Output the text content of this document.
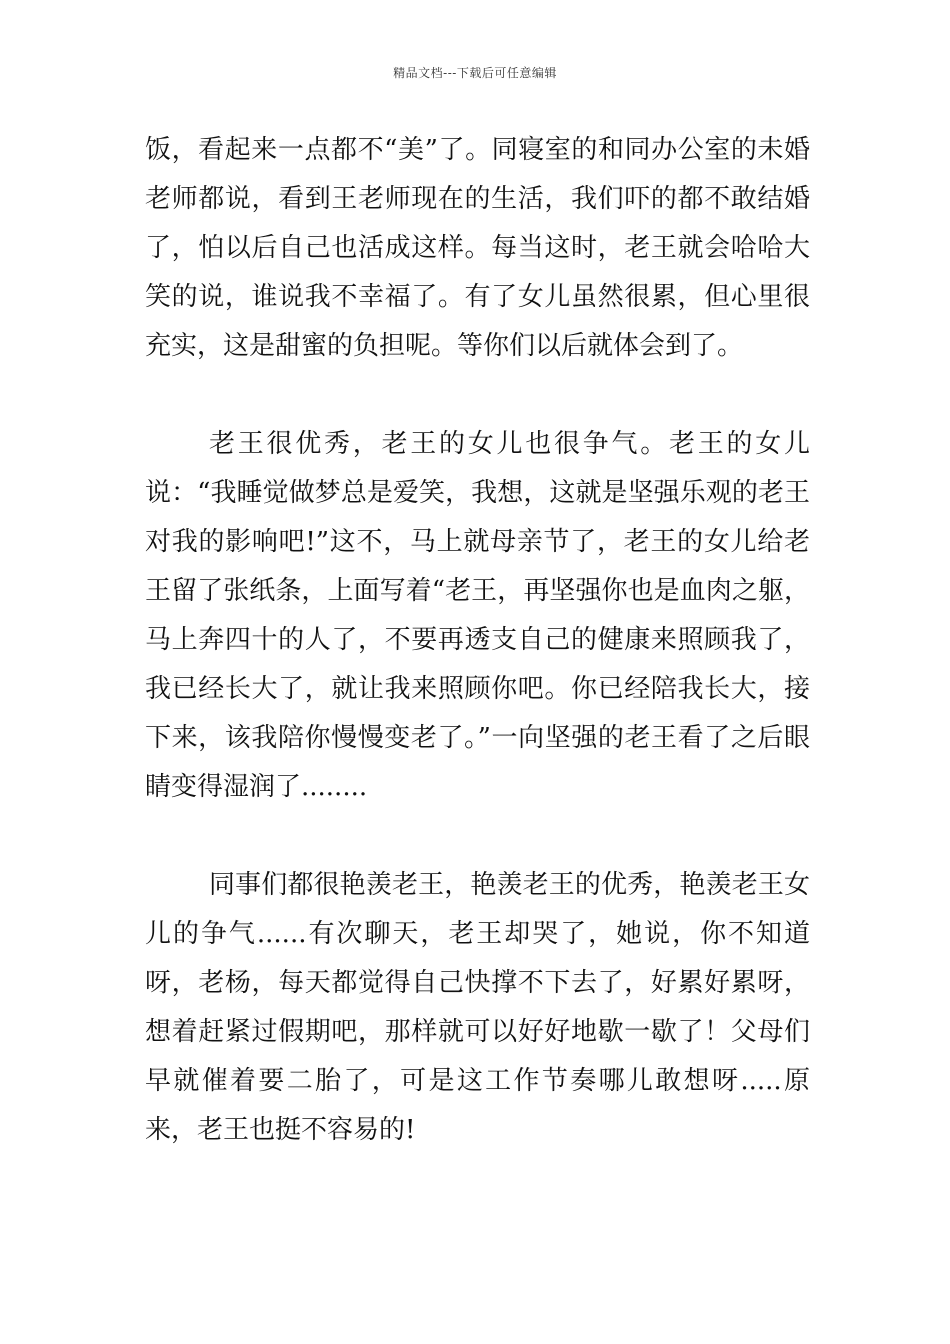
精品文档---下载后可任意编辑

饭，看起来一点都不“美”了。同寝室的和同办公室的未婚老师都说，看到王老师现在的生活，我们吓的都不敢结婚了，怕以后自己也活成这样。每当这时，老王就会哈哈大笑的说，谁说我不幸福了。有了女儿虽然很累，但心里很充实，这是甜蜜的负担呢。等你们以后就体会到了。

老王很优秀，老王的女儿也很争气。老王的女儿说：“我睡觉做梦总是爱笑，我想，这就是坚强乐观的老王对我的影响吧!”这不，马上就母亲节了，老王的女儿给老王留了张纸条，上面写着“老王，再坚强你也是血肉之躯，马上奔四十的人了，不要再透支自己的健康来照顾我了，我已经长大了，就让我来照顾你吧。你已经陪我长大，接下来，该我陪你慢慢变老了。”一向坚强的老王看了之后眼睛变得湿润了........

同事们都很艳羡老王，艳羡老王的优秀，艳羡老王女儿的争气......有次聊天，老王却哭了，她说，你不知道呀，老杨，每天都觉得自己快撑不下去了，好累好累呀，想着赶紧过假期吧，那样就可以好好地歇一歇了！父母们早就催着要二胎了，可是这工作节奏哪儿敢想呀.....原来，老王也挺不容易的!
